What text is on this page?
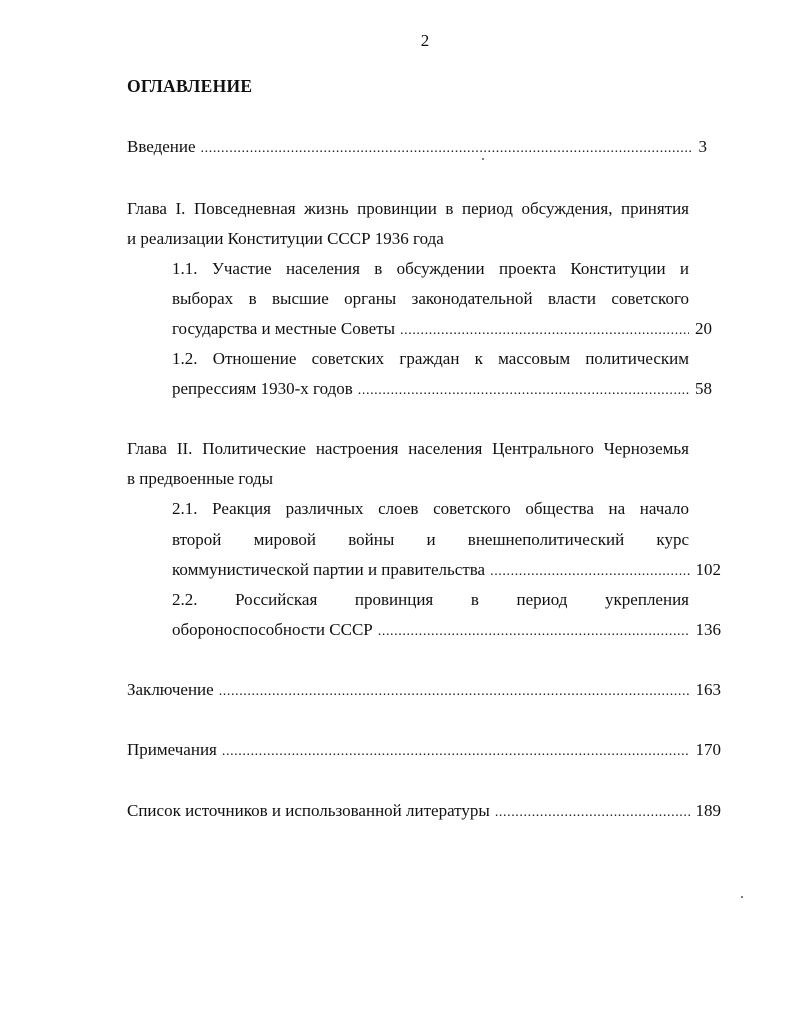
2
ОГЛАВЛЕНИЕ
Введение .....	3
Глава I. Повседневная жизнь провинции в период обсуждения, принятия
и реализации Конституции СССР 1936 года
1.1. Участие населения в обсуждении проекта Конституции и
выборах в высшие органы законодательной власти советского
государства и местные Советы .....	20
1.2. Отношение советских граждан к массовым политическим
репрессиям 1930-х годов .....	58
Глава II. Политические настроения населения Центрального Черноземья
в предвоенные годы
2.1. Реакция различных слоев советского общества на начало
второй мировой войны и внешнеполитический курс
коммунистической партии и правительства .....	102
2.2. Российская провинция в период укрепления
обороноспособности СССР .....	136
Заключение .....	163
Примечания .....	170
Список источников и использованной литературы .....	189
